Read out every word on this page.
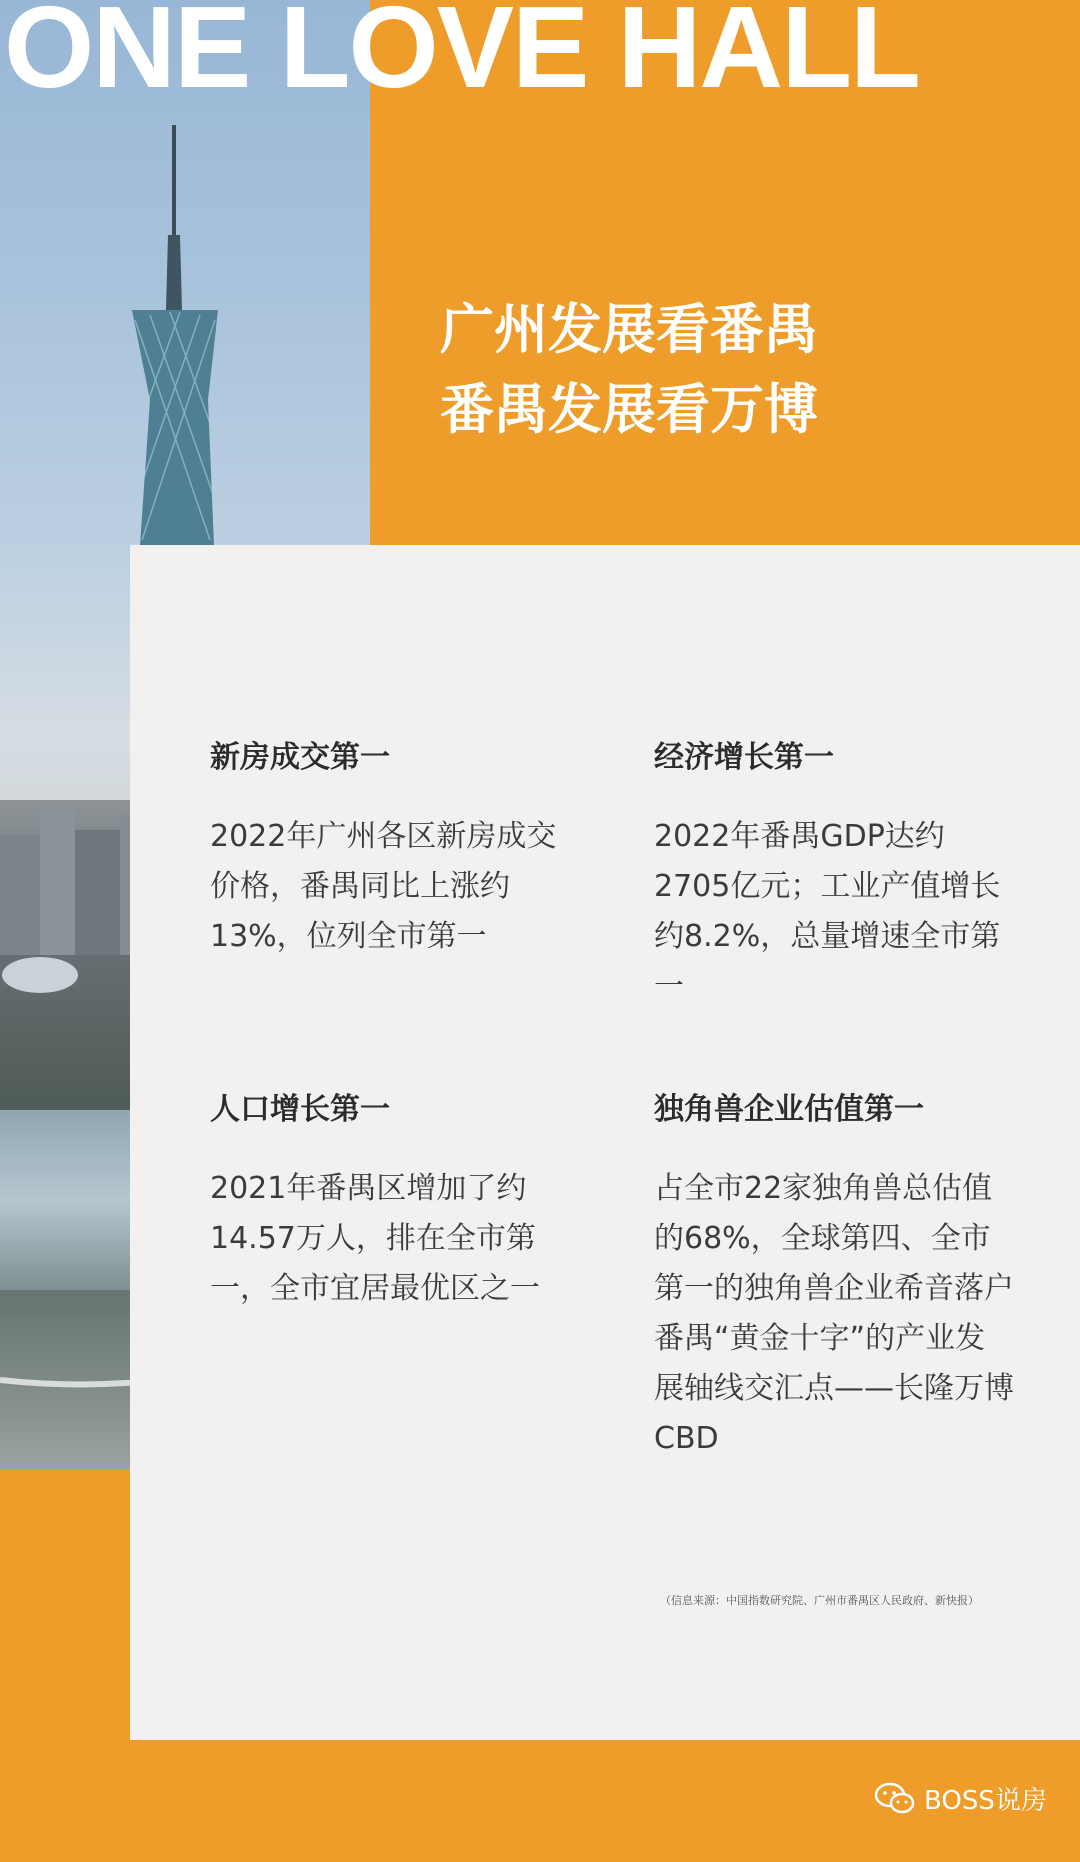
ONE LOVE HALL
广州发展看番禺
番禺发展看万博
新房成交第一

2022年广州各区新房成交价格，番禺同比上涨约13%，位列全市第一

经济增长第一

2022年番禺GDP达约2705亿元；工业产值增长约8.2%，总量增速全市第一

人口增长第一

2021年番禺区增加了约14.57万人，排在全市第一，全市宜居最优区之一

独角兽企业估值第一

占全市22家独角兽总估值的68%，全球第四、全市第一的独角兽企业希音落户番禺“黄金十字”的产业发展轴线交汇点——长隆万博CBD

（信息来源：中国指数研究院、广州市番禺区人民政府、新快报）
BOSS说房
